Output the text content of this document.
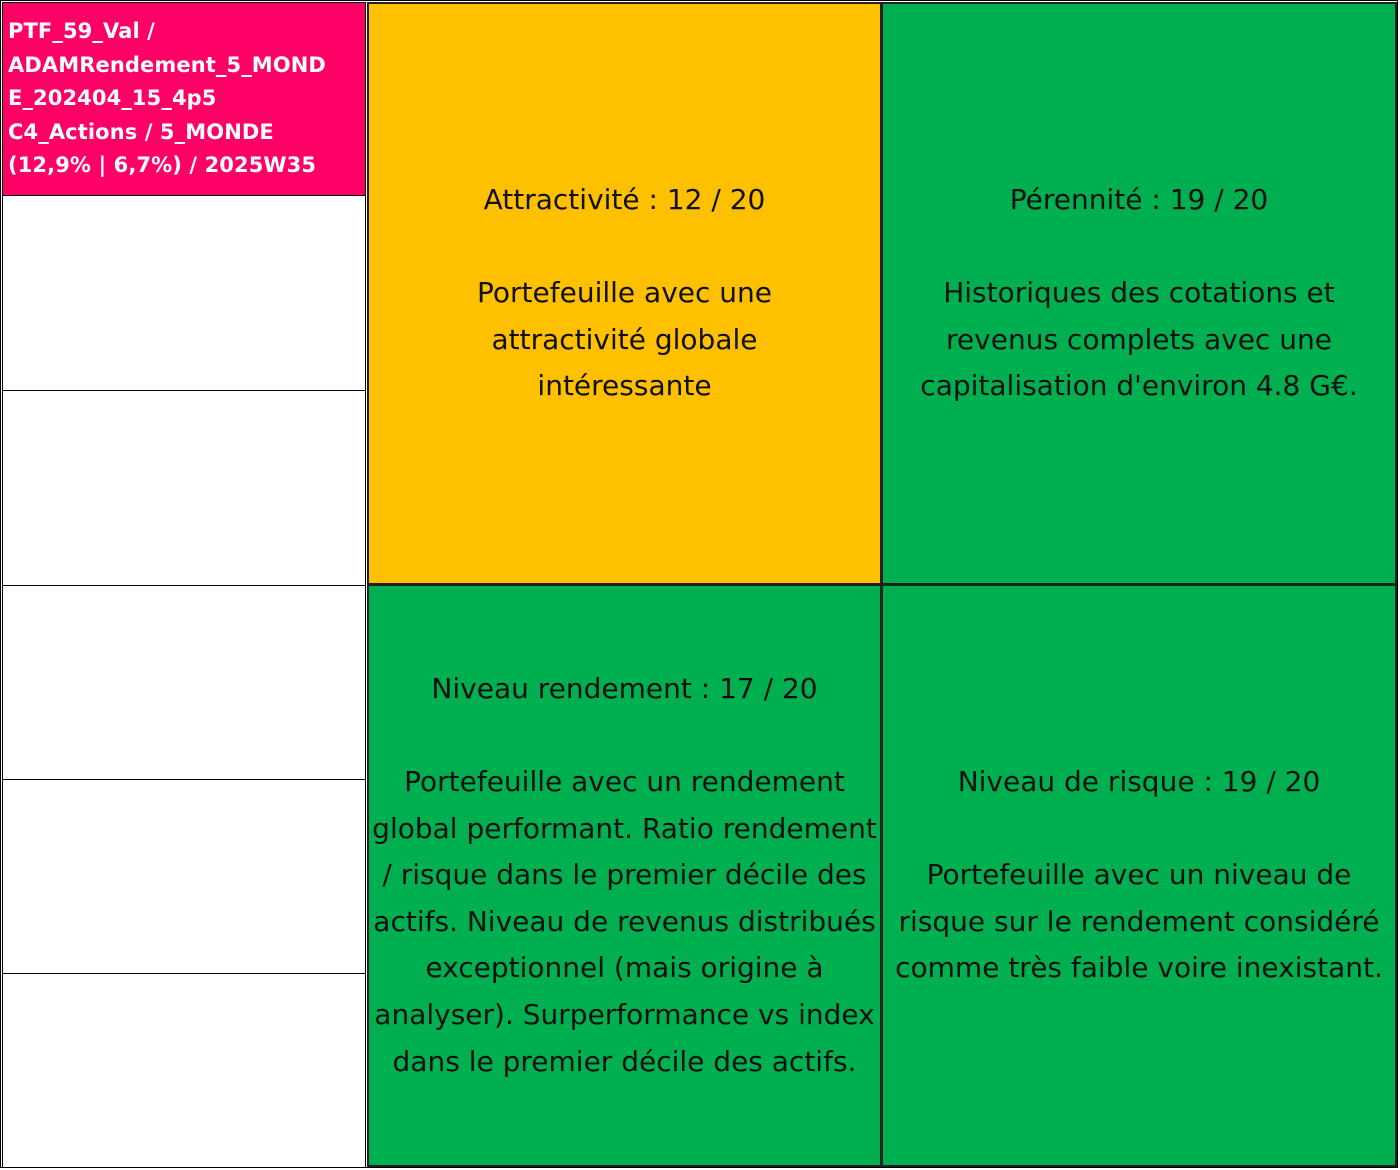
PTF_59_Val /
ADAMRendement_5_MOND
E_202404_15_4p5
C4_Actions / 5_MONDE
(12,9% | 6,7%) / 2025W35
Attractivité : 12 / 20
Portefeuille avec une attractivité globale intéressante
Pérennité : 19 / 20
Historiques des cotations et revenus complets avec une capitalisation d'environ 4.8 G€.
Niveau rendement : 17 / 20
Portefeuille avec un rendement global performant. Ratio rendement / risque dans le premier décile des actifs. Niveau de revenus distribués exceptionnel (mais origine à analyser). Surperformance vs index dans le premier décile des actifs.
Niveau de risque : 19 / 20
Portefeuille avec un niveau de risque sur le rendement considéré comme très faible voire inexistant.
